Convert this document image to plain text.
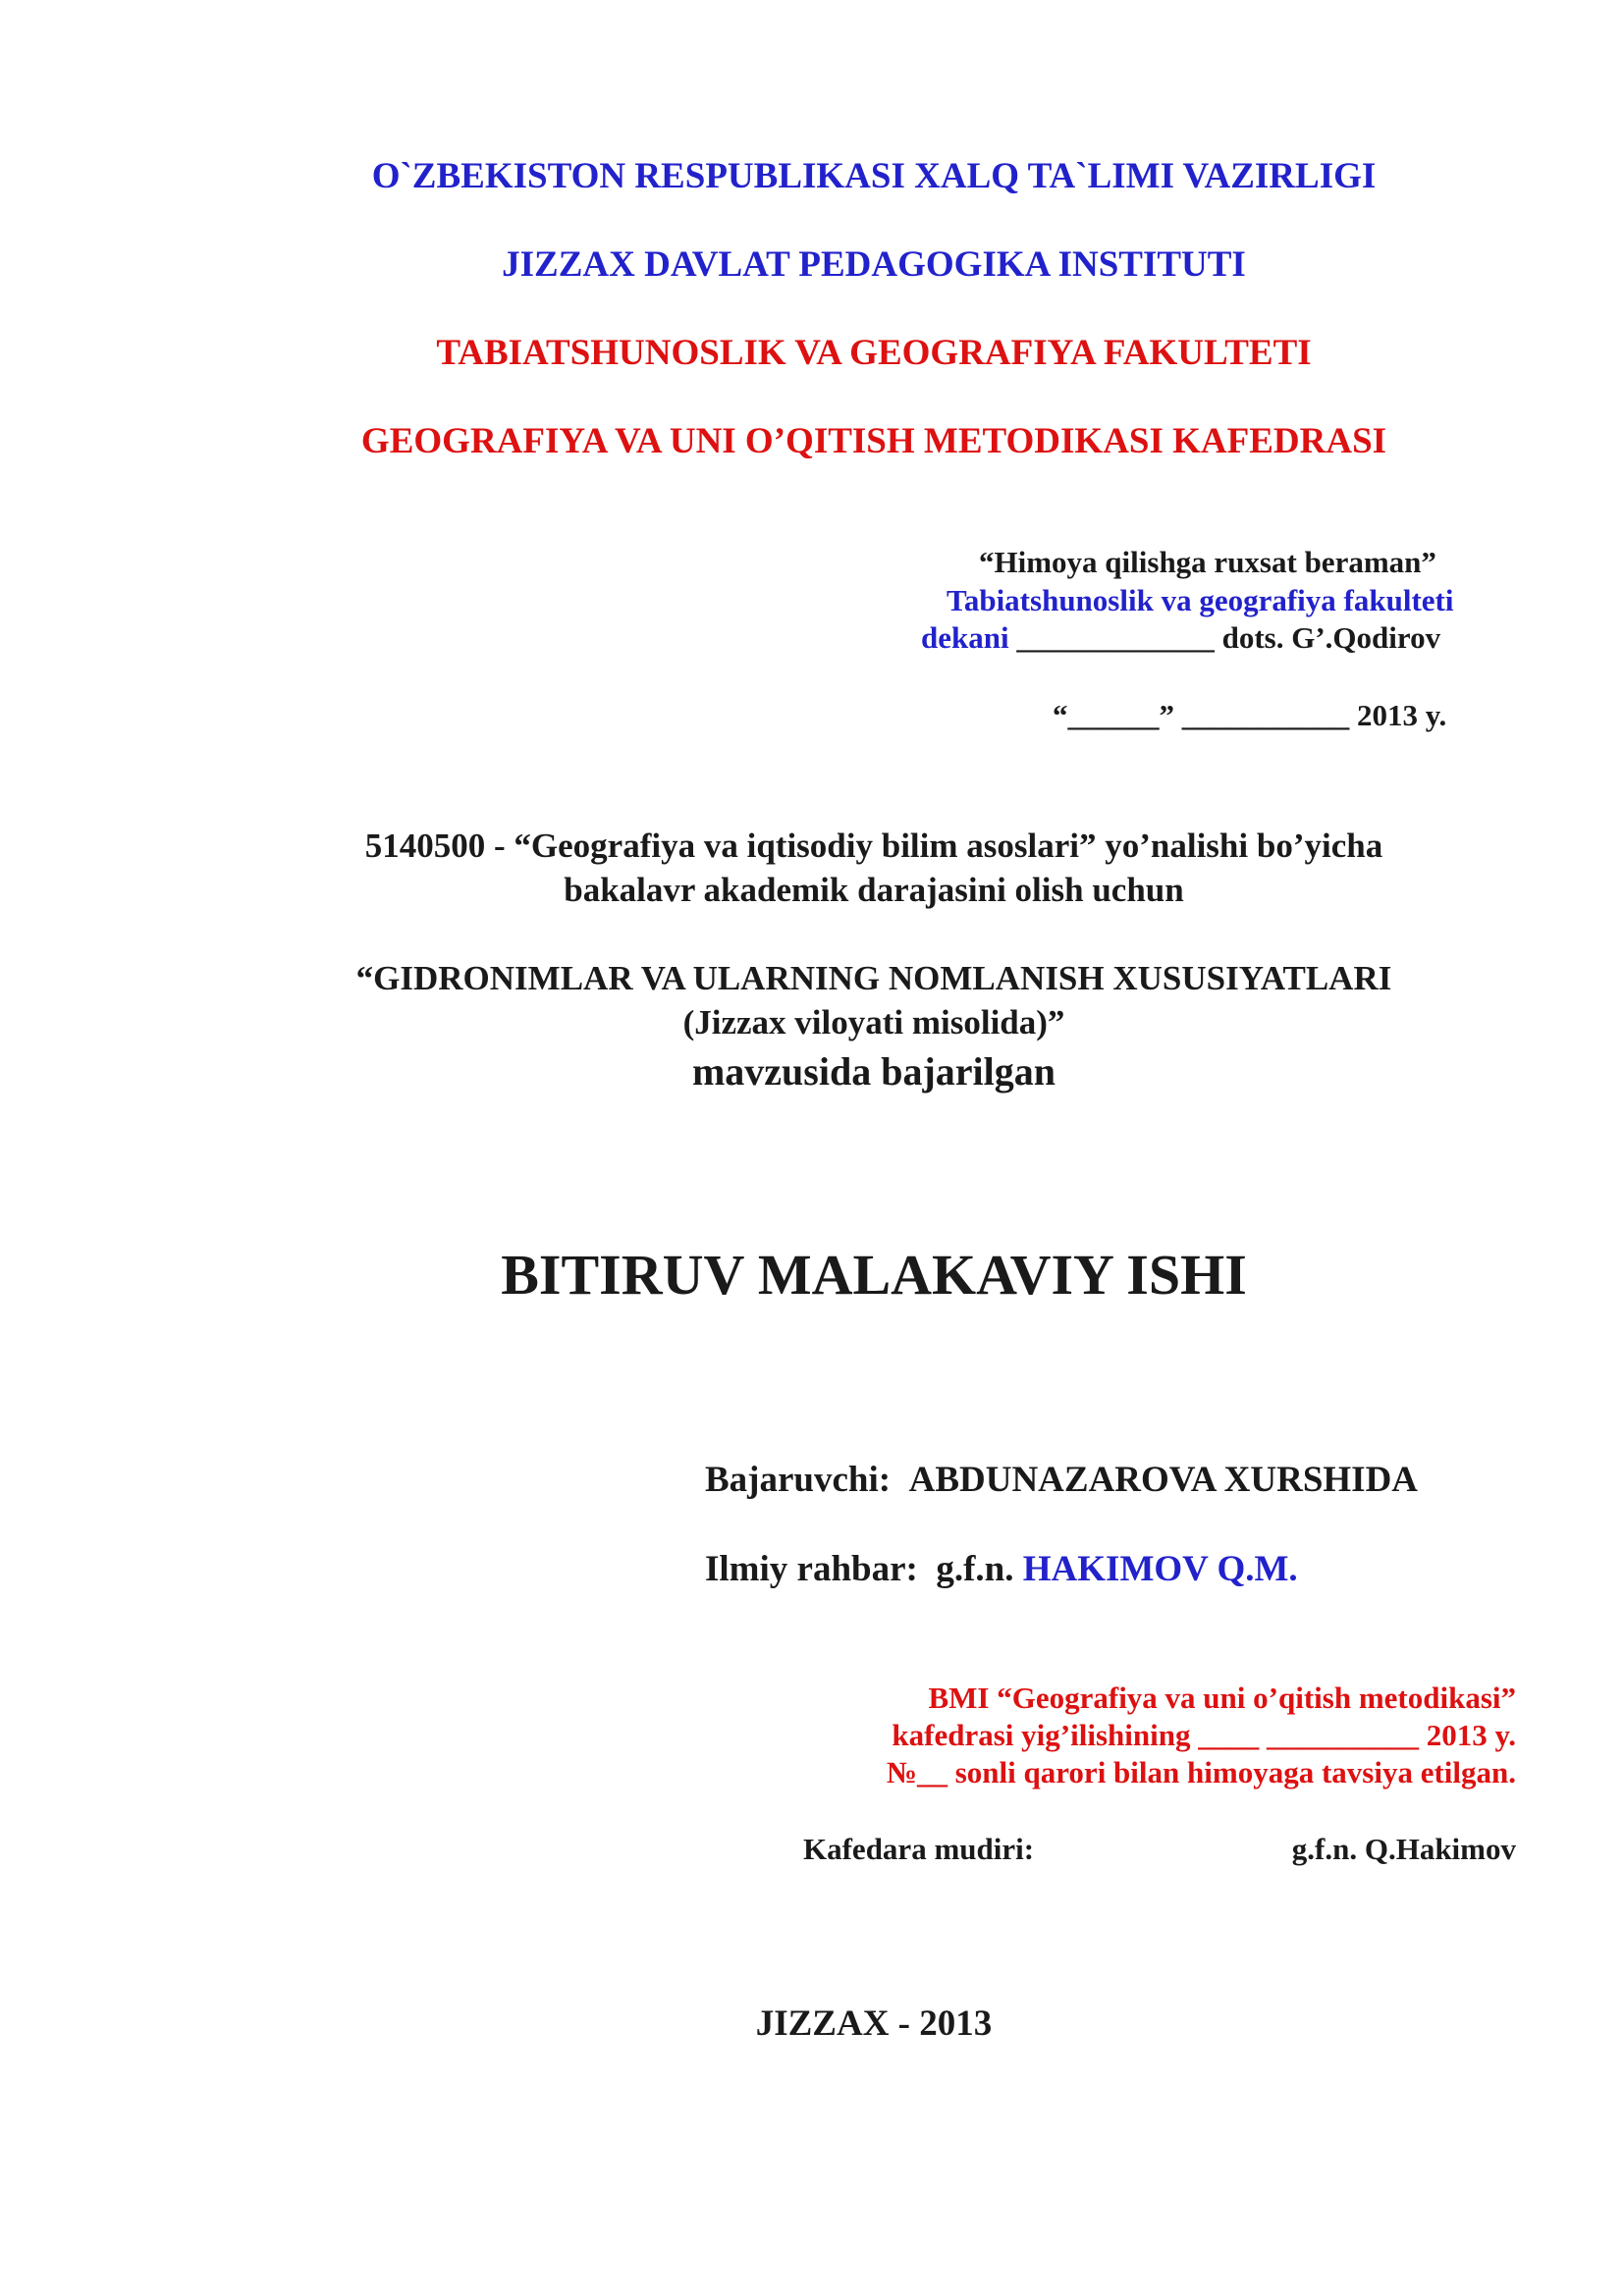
O`ZBEKISTON RESPUBLIKASI XALQ TA`LIMI VAZIRLIGI
JIZZAX DAVLAT PEDAGOGIKA INSTITUTI
TABIATSHUNOSLIK VA GEOGRAFIYA FAKULTETI
GEOGRAFIYA VA UNI O’QITISH METODIKASI KAFEDRASI
“Himoya qilishga ruxsat beraman”
Tabiatshunoslik va geografiya fakulteti
dekani _____________ dots. G’.Qodirov
“______” ___________ 2013 y.
5140500 - “Geografiya va iqtisodiy bilim asoslari” yo’nalishi bo’yicha
bakalavr akademik darajasini olish uchun
“GIDRONIMLAR VA ULARNING NOMLANISH XUSUSIYATLARI
(Jizzax viloyati misolida)”
mavzusida bajarilgan
BITIRUV MALAKAVIY ISHI
Bajaruvchi: ABDUNAZAROVA XURSHIDA
Ilmiy rahbar: g.f.n. HAKIMOV Q.M.
BMI “Geografiya va uni o’qitish metodikasi”
kafedrasi yig’ilishining ____ __________ 2013 y.
№__ sonli qarori bilan himoyaga tavsiya etilgan.
Kafedara mudiri:	g.f.n. Q.Hakimov
JIZZAX - 2013
